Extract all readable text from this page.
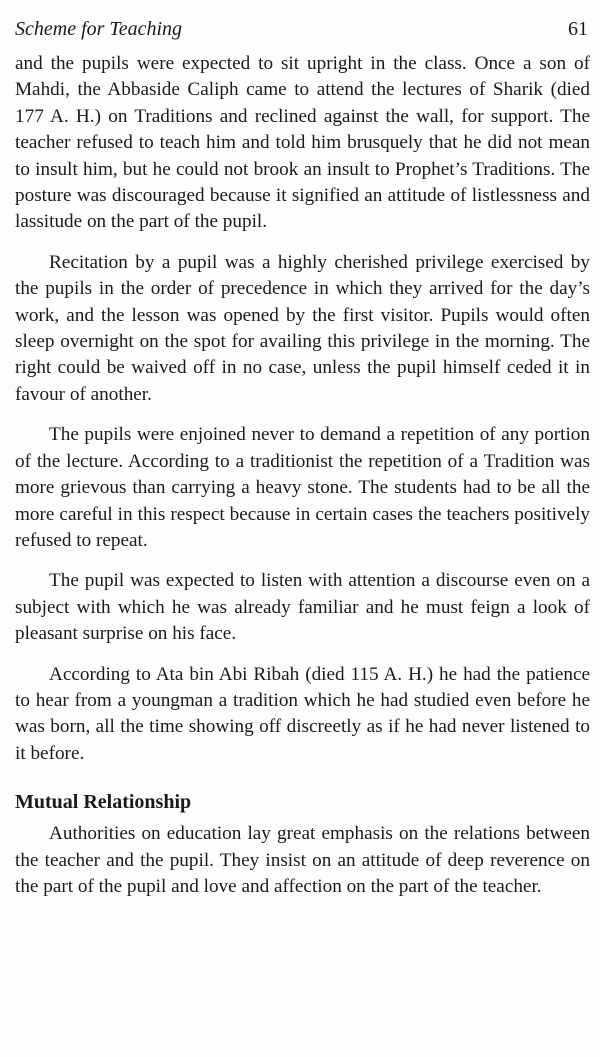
Scheme for Teaching	61

and the pupils were expected to sit upright in the class. Once a son of Mahdi, the Abbaside Caliph came to attend the lectures of Sharik (died 177 A. H.) on Traditions and reclined against the wall, for support. The teacher refused to teach him and told him brusquely that he did not mean to insult him, but he could not brook an insult to Prophet’s Traditions. The posture was discouraged because it signified an attitude of listlessness and lassitude on the part of the pupil.

Recitation by a pupil was a highly cherished privilege exercised by the pupils in the order of precedence in which they arrived for the day’s work, and the lesson was opened by the first visitor. Pupils would often sleep overnight on the spot for availing this privilege in the morning. The right could be waived off in no case, unless the pupil himself ceded it in favour of another.

The pupils were enjoined never to demand a repetition of any portion of the lecture. According to a traditionist the repetition of a Tradition was more grievous than carrying a heavy stone. The students had to be all the more careful in this respect because in certain cases the teachers positively refused to repeat.

The pupil was expected to listen with attention a discourse even on a subject with which he was already familiar and he must feign a look of pleasant surprise on his face.

According to Ata bin Abi Ribah (died 115 A. H.) he had the patience to hear from a youngman a tradition which he had studied even before he was born, all the time showing off discreetly as if he had never listened to it before.

Mutual Relationship

Authorities on education lay great emphasis on the relations between the teacher and the pupil. They insist on an attitude of deep reverence on the part of the pupil and love and affection on the part of the teacher.
